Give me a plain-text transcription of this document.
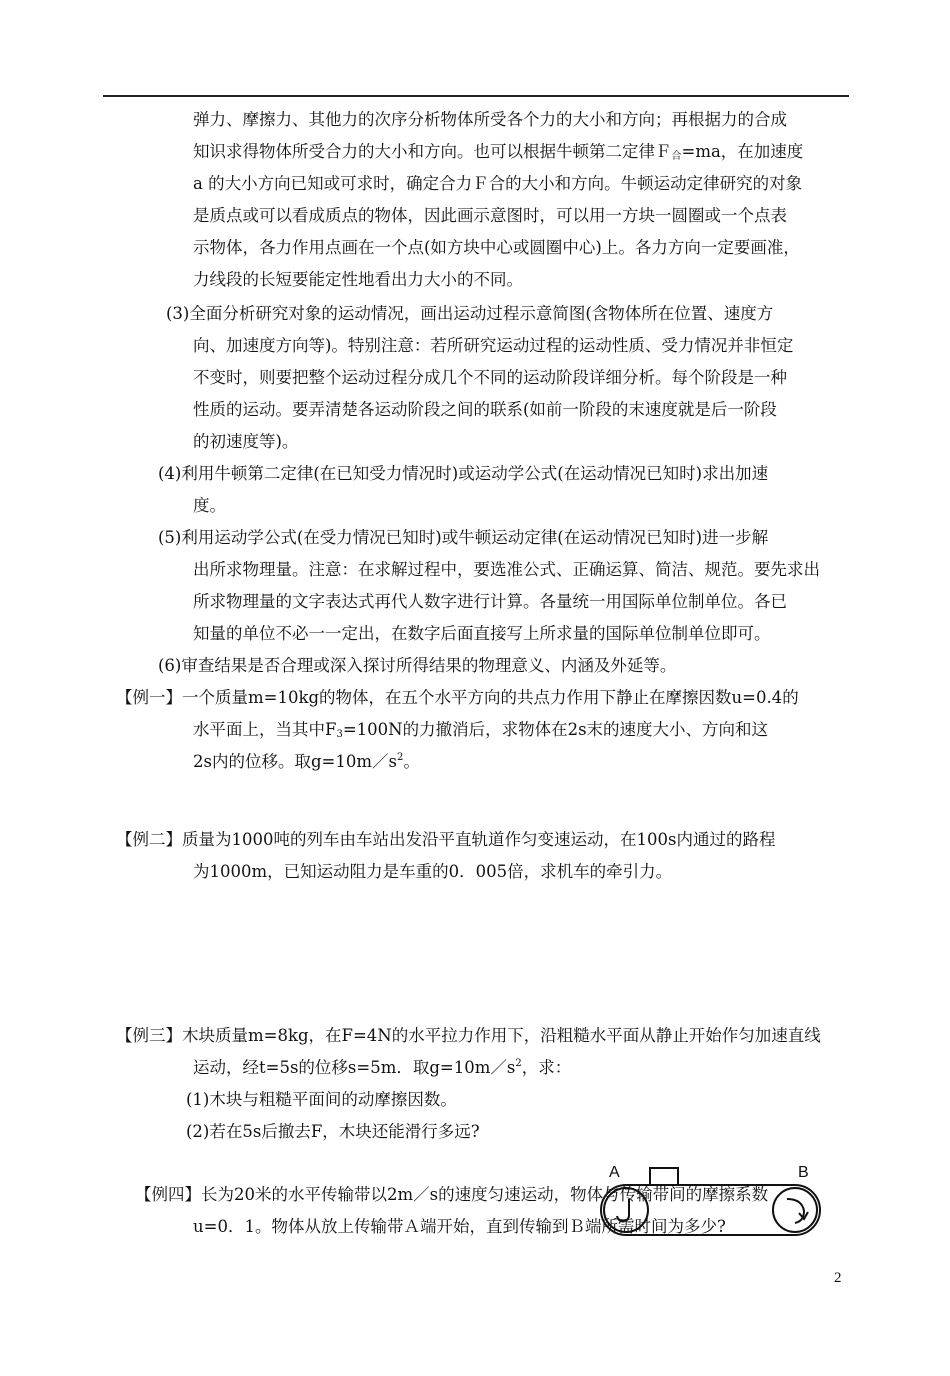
弹力、摩擦力、其他力的次序分析物体所受各个力的大小和方向；再根据力的合成
知识求得物体所受合力的大小和方向。也可以根据牛顿第二定律Ｆ$_合$=ma，在加速度
a 的大小方向已知或可求时，确定合力Ｆ合的大小和方向。牛顿运动定律研究的对象
是质点或可以看成质点的物体，因此画示意图时，可以用一方块一圆圈或一个点表
示物体，各力作用点画在一个点(如方块中心或圆圈中心)上。各力方向一定要画准，
力线段的长短要能定性地看出力大小的不同。
(3)全面分析研究对象的运动情况，画出运动过程示意简图(含物体所在位置、速度方
向、加速度方向等)。特别注意：若所研究运动过程的运动性质、受力情况并非恒定
不变时，则要把整个运动过程分成几个不同的运动阶段详细分析。每个阶段是一种
性质的运动。要弄清楚各运动阶段之间的联系(如前一阶段的末速度就是后一阶段
的初速度等)。
(4)利用牛顿第二定律(在已知受力情况时)或运动学公式(在运动情况已知时)求出加速
度。
(5)利用运动学公式(在受力情况已知时)或牛顿运动定律(在运动情况已知时)进一步解
出所求物理量。注意：在求解过程中，要选准公式、正确运算、简洁、规范。要先求出
所求物理量的文字表达式再代人数字进行计算。各量统一用国际单位制单位。各已
知量的单位不必一一定出，在数字后面直接写上所求量的国际单位制单位即可。
(6)审查结果是否合理或深入探讨所得结果的物理意义、内涵及外延等。
【例一】一个质量m=10kg的物体，在五个水平方向的共点力作用下静止在摩擦因数u=0.4的
水平面上，当其中$F_3=100N$的力撤消后，求物体在2s末的速度大小、方向和这
2s内的位移。取$g=10m/s^2$。
【例二】质量为1000吨的列车由车站出发沿平直轨道作匀变速运动，在100s内通过的路程
为1000m，已知运动阻力是车重的0．005倍，求机车的牵引力。
【例三】木块质量m=8kg，在F=4N的水平拉力作用下，沿粗糙水平面从静止开始作匀加速直线
运动，经t=5s的位移s=5m．取$g=10m/s^2$，求：
(1)木块与粗糙平面间的动摩擦因数。
(2)若在5s后撤去F，木块还能滑行多远?
【例四】长为20米的水平传输带以2m／s的速度匀速运动，物体与传输带间的摩擦系数
u=0．1。物体从放上传输带Ａ端开始，直到传输到Ｂ端所需时间为多少?
A	B
2
